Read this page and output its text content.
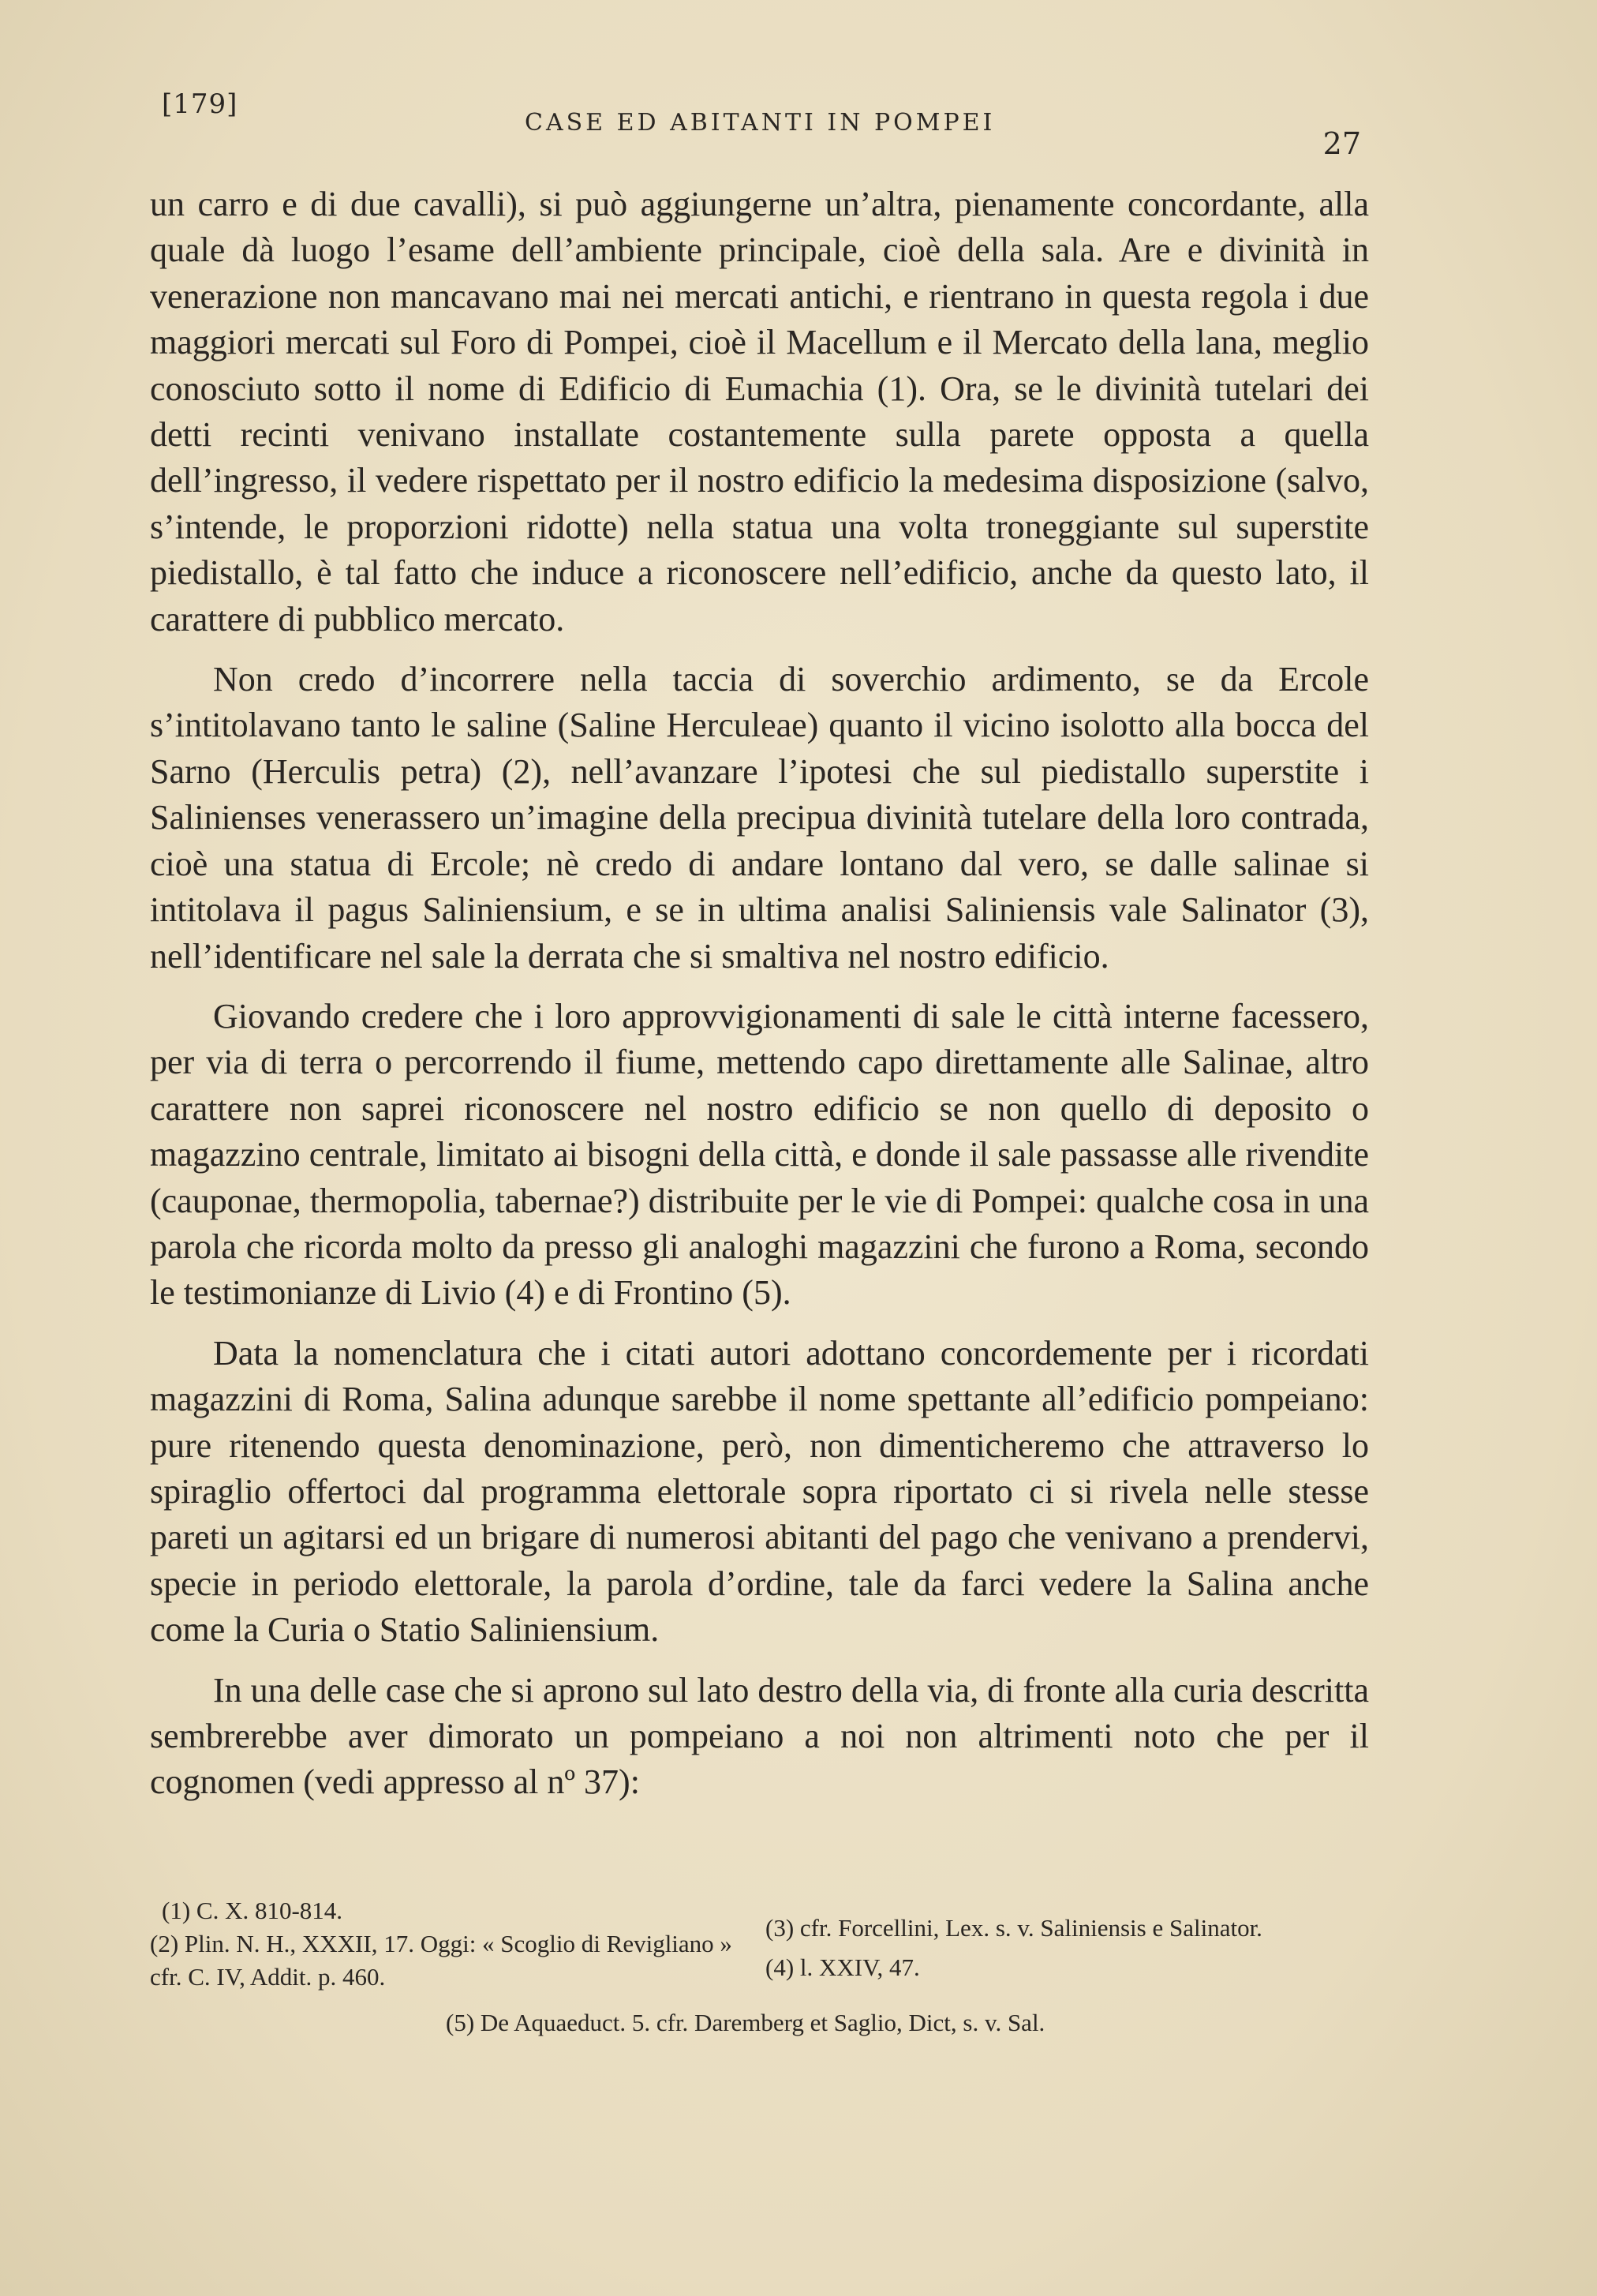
[179]
CASE ED ABITANTI IN POMPEI
27

un carro e di due cavalli), si può aggiungerne un’altra, pienamente concordante, alla quale dà luogo l’esame dell’ambiente principale, cioè della sala. Are e divinità in venerazione non mancavano mai nei mercati antichi, e rientrano in questa regola i due maggiori mercati sul Foro di Pompei, cioè il Macellum e il Mercato della lana, meglio conosciuto sotto il nome di Edificio di Eumachia (1). Ora, se le divinità tutelari dei detti recinti venivano installate costantemente sulla parete opposta a quella dell’ingresso, il vedere rispettato per il nostro edificio la medesima disposizione (salvo, s’intende, le proporzioni ridotte) nella statua una volta troneggiante sul superstite piedistallo, è tal fatto che induce a riconoscere nell’edificio, anche da questo lato, il carattere di pubblico mercato.

Non credo d’incorrere nella taccia di soverchio ardimento, se da Ercole s’intitolavano tanto le saline (Saline Herculeae) quanto il vicino isolotto alla bocca del Sarno (Herculis petra) (2), nell’avanzare l’ipotesi che sul piedistallo superstite i Salinienses venerassero un’imagine della precipua divinità tutelare della loro contrada, cioè una statua di Ercole; nè credo di andare lontano dal vero, se dalle salinae si intitolava il pagus Saliniensium, e se in ultima analisi Saliniensis vale Salinator (3), nell’identificare nel sale la derrata che si smaltiva nel nostro edificio.

Giovando credere che i loro approvvigionamenti di sale le città interne facessero, per via di terra o percorrendo il fiume, mettendo capo direttamente alle Salinae, altro carattere non saprei riconoscere nel nostro edificio se non quello di deposito o magazzino centrale, limitato ai bisogni della città, e donde il sale passasse alle rivendite (cauponae, thermopolia, tabernae?) distribuite per le vie di Pompei: qualche cosa in una parola che ricorda molto da presso gli analoghi magazzini che furono a Roma, secondo le testimonianze di Livio (4) e di Frontino (5).

Data la nomenclatura che i citati autori adottano concordemente per i ricordati magazzini di Roma, Salina adunque sarebbe il nome spettante all’edificio pompeiano: pure ritenendo questa denominazione, però, non dimenticheremo che attraverso lo spiraglio offertoci dal programma elettorale sopra riportato ci si rivela nelle stesse pareti un agitarsi ed un brigare di numerosi abitanti del pago che venivano a prendervi, specie in periodo elettorale, la parola d’ordine, tale da farci vedere la Salina anche come la Curia o Statio Saliniensium.

In una delle case che si aprono sul lato destro della via, di fronte alla curia descritta sembrerebbe aver dimorato un pompeiano a noi non altrimenti noto che per il cognomen (vedi appresso al nº 37):

(1) C. X. 810-814.

(2) Plin. N. H., XXXII, 17. Oggi: « Scoglio di Revigliano » cfr. C. IV, Addit. p. 460.

(3) cfr. Forcellini, Lex. s. v. Saliniensis e Salinator.

(4) l. XXIV, 47.

(5) De Aquaeduct. 5. cfr. Daremberg et Saglio, Dict, s. v. Sal.
